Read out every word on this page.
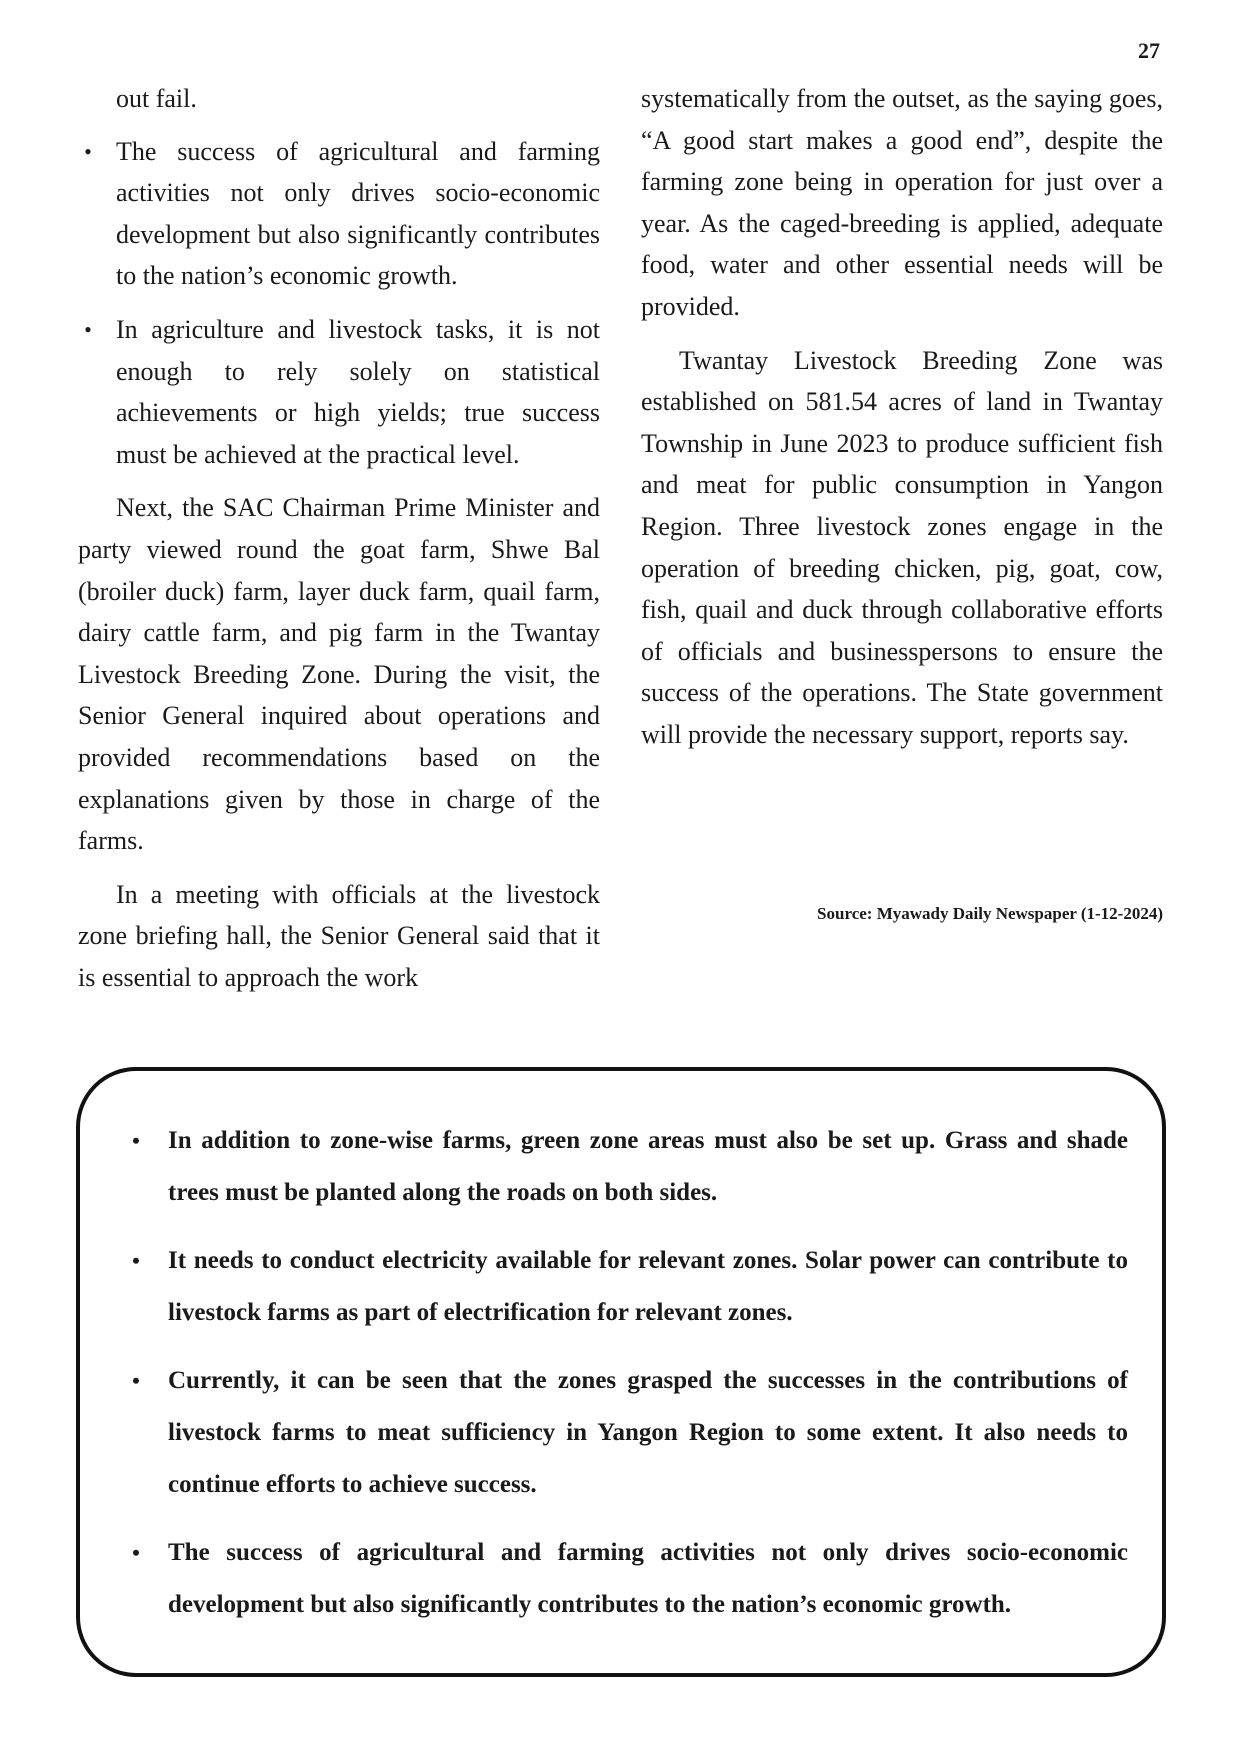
27

out fail.

• The success of agricultural and farming activities not only drives socio-economic development but also significantly contributes to the nation’s economic growth.
• In agriculture and livestock tasks, it is not enough to rely solely on statistical achievements or high yields; true success must be achieved at the practical level.

Next, the SAC Chairman Prime Minister and party viewed round the goat farm, Shwe Bal (broiler duck) farm, layer duck farm, quail farm, dairy cattle farm, and pig farm in the Twantay Livestock Breeding Zone. During the visit, the Senior General inquired about operations and provided recommendations based on the explanations given by those in charge of the farms.

In a meeting with officials at the livestock zone briefing hall, the Senior General said that it is essential to approach the work

systematically from the outset, as the saying goes, “A good start makes a good end”, despite the farming zone being in operation for just over a year. As the caged-breeding is applied, adequate food, water and other essential needs will be provided.

Twantay Livestock Breeding Zone was established on 581.54 acres of land in Twantay Township in June 2023 to produce sufficient fish and meat for public consumption in Yangon Region. Three livestock zones engage in the operation of breeding chicken, pig, goat, cow, fish, quail and duck through collaborative efforts of officials and businesspersons to ensure the success of the operations. The State government will provide the necessary support, reports say.

Source: Myawady Daily Newspaper (1-12-2024)
• In addition to zone-wise farms, green zone areas must also be set up. Grass and shade trees must be planted along the roads on both sides.
• It needs to conduct electricity available for relevant zones. Solar power can contribute to livestock farms as part of electrification for relevant zones.
• Currently, it can be seen that the zones grasped the successes in the contributions of livestock farms to meat sufficiency in Yangon Region to some extent. It also needs to continue efforts to achieve success.
• The success of agricultural and farming activities not only drives socio-economic development but also significantly contributes to the nation’s economic growth.
